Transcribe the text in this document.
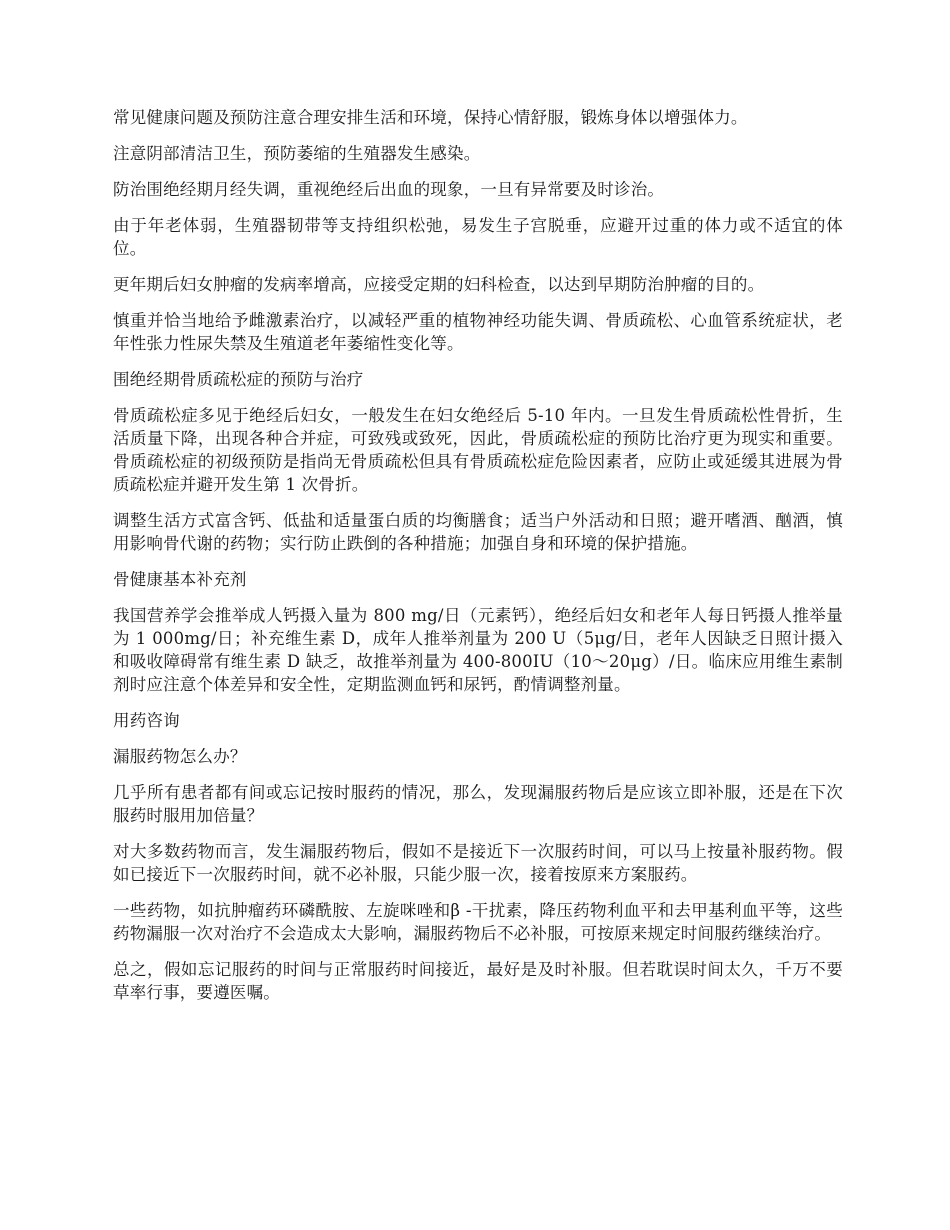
常见健康问题及预防注意合理安排生活和环境，保持心情舒服，锻炼身体以增强体力。

注意阴部清洁卫生，预防萎缩的生殖器发生感染。

防治围绝经期月经失调，重视绝经后出血的现象，一旦有异常要及时诊治。

由于年老体弱，生殖器韧带等支持组织松弛，易发生子宫脱垂，应避开过重的体力或不适宜的体位。

更年期后妇女肿瘤的发病率增高，应接受定期的妇科检查，以达到早期防治肿瘤的目的。

慎重并恰当地给予雌激素治疗，以减轻严重的植物神经功能失调、骨质疏松、心血管系统症状，老年性张力性尿失禁及生殖道老年萎缩性变化等。

围绝经期骨质疏松症的预防与治疗

骨质疏松症多见于绝经后妇女，一般发生在妇女绝经后 5-10 年内。一旦发生骨质疏松性骨折，生活质量下降，出现各种合并症，可致残或致死，因此，骨质疏松症的预防比治疗更为现实和重要。骨质疏松症的初级预防是指尚无骨质疏松但具有骨质疏松症危险因素者，应防止或延缓其进展为骨质疏松症并避开发生第 1 次骨折。

调整生活方式富含钙、低盐和适量蛋白质的均衡膳食；适当户外活动和日照；避开嗜酒、酗酒，慎用影响骨代谢的药物；实行防止跌倒的各种措施；加强自身和环境的保护措施。

骨健康基本补充剂

我国营养学会推举成人钙摄入量为 800 mg/日（元素钙），绝经后妇女和老年人每日钙摄人推举量为 1 000mg/日；补充维生素 D，成年人推举剂量为 200 U（5μg/日，老年人因缺乏日照计摄入和吸收障碍常有维生素 D 缺乏，故推举剂量为 400-800IU（10～20μg）/日。临床应用维生素制剂时应注意个体差异和安全性，定期监测血钙和尿钙，酌情调整剂量。

用药咨询

漏服药物怎么办？

几乎所有患者都有间或忘记按时服药的情况，那么，发现漏服药物后是应该立即补服，还是在下次服药时服用加倍量？

对大多数药物而言，发生漏服药物后，假如不是接近下一次服药时间，可以马上按量补服药物。假如已接近下一次服药时间，就不必补服，只能少服一次，接着按原来方案服药。

一些药物，如抗肿瘤药环磷酰胺、左旋咪唑和β -干扰素，降压药物利血平和去甲基利血平等，这些药物漏服一次对治疗不会造成太大影响，漏服药物后不必补服，可按原来规定时间服药继续治疗。

总之，假如忘记服药的时间与正常服药时间接近，最好是及时补服。但若耽误时间太久，千万不要草率行事，要遵医嘱。
